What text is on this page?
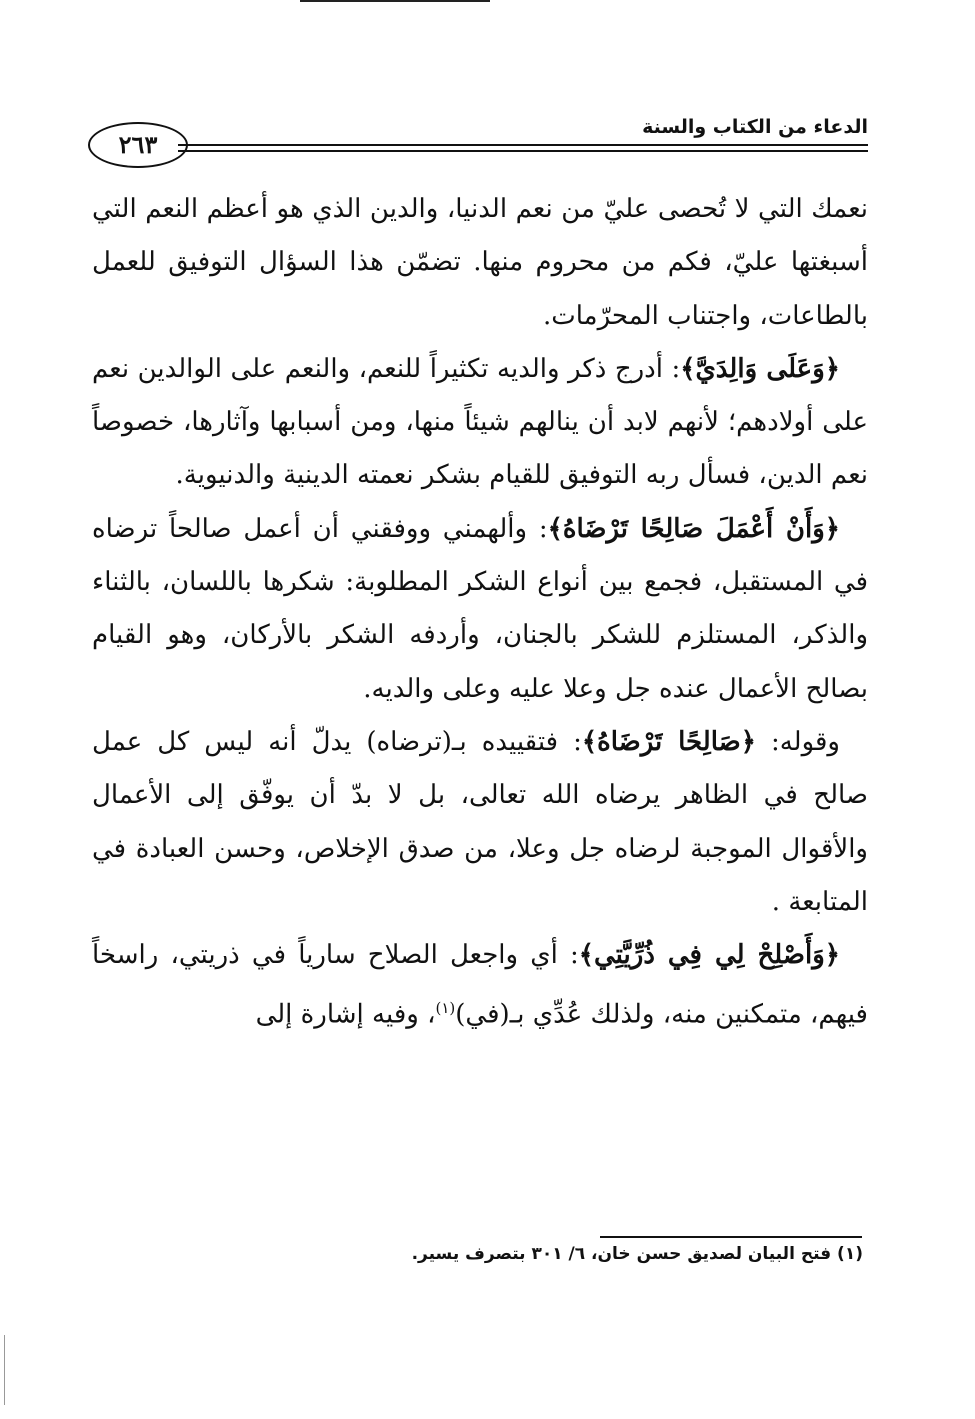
٢٦٣
الدعاء من الكتاب والسنة

نعمك التي لا تُحصى عليّ من نعم الدنيا، والدين الذي هو أعظم النعم التي أسبغتها عليّ، فكم من محروم منها. تضمّن هذا السؤال التوفيق للعمل بالطاعات، واجتناب المحرّمات.

﴿وَعَلَى وَالِدَيَّ﴾: أدرج ذكر والديه تكثيراً للنعم، والنعم على الوالدين نعم على أولادهم؛ لأنهم لابد أن ينالهم شيئاً منها، ومن أسبابها وآثارها، خصوصاً نعم الدين، فسأل ربه التوفيق للقيام بشكر نعمته الدينية والدنيوية.

﴿وَأَنْ أَعْمَلَ صَالِحًا تَرْضَاهُ﴾: وألهمني ووفقني أن أعمل صالحاً ترضاه في المستقبل، فجمع بين أنواع الشكر المطلوبة: شكرها باللسان، بالثناء والذكر، المستلزم للشكر بالجنان، وأردفه الشكر بالأركان، وهو القيام بصالح الأعمال عنده جل وعلا عليه وعلى والديه.

وقوله: ﴿صَالِحًا تَرْضَاهُ﴾: فتقييده بـ(ترضاه) يدلّ أنه ليس كل عمل صالح في الظاهر يرضاه الله تعالى، بل لا بدّ أن يوفّق إلى الأعمال والأقوال الموجبة لرضاه جل وعلا، من صدق الإخلاص، وحسن العبادة في المتابعة .

﴿وَأَصْلِحْ لِي فِي ذُرِّيَّتِي﴾: أي واجعل الصلاح سارياً في ذريتي، راسخاً فيهم، متمكنين منه، ولذلك عُدِّي بـ(في)$^{(١)}$، وفيه إشارة إلى

(١) فتح البيان لصديق حسن خان، ٦/ ٣٠١ بتصرف يسير.
